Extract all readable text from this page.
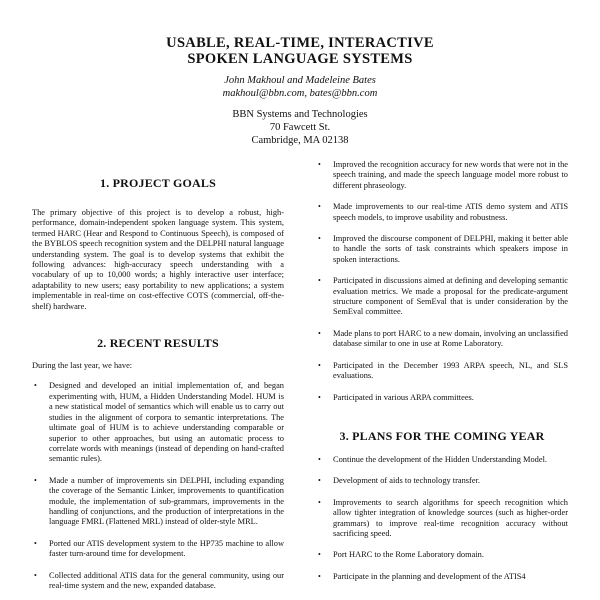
USABLE, REAL-TIME, INTERACTIVE
SPOKEN LANGUAGE SYSTEMS
John Makhoul and Madeleine Bates
makhoul@bbn.com, bates@bbn.com
BBN Systems and Technologies
70 Fawcett St.
Cambridge, MA 02138
1. PROJECT GOALS

The primary objective of this project is to develop a robust, high-performance, domain-independent spoken language system. This system, termed HARC (Hear and Respond to Continuous Speech), is composed of the BYBLOS speech recognition system and the DELPHI natural language understanding system. The goal is to develop systems that exhibit the following advances: high-accuracy speech understanding with a vocabulary of up to 10,000 words; a highly interactive user interface; adaptability to new users; easy portability to new applications; a system implementable in real-time on cost-effective COTS (commercial, off-the-shelf) hardware.

2. RECENT RESULTS

During the last year, we have:

• Designed and developed an initial implementation of, and began experimenting with, HUM, a Hidden Understanding Model. HUM is a new statistical model of semantics which will enable us to carry out studies in the alignment of corpora to semantic interpretations. The ultimate goal of HUM is to achieve understanding comparable or superior to other approaches, but using an automatic process to correlate words with meanings (instead of depending on hand-crafted semantic rules).
• Made a number of improvements sin DELPHI, including expanding the coverage of the Semantic Linker, improvements to quantification module, the implementation of sub-grammars, improvements in the handling of conjunctions, and the production of interpretations in the language FMRL (Flattened MRL) instead of older-style MRL.
• Ported our ATIS development system to the HP735 machine to allow faster turn-around time for development.
• Collected additional ATIS data for the general community, using our real-time system and the new, expanded database.
• Improved the recognition accuracy for new words that were not in the speech training, and made the speech language model more robust to different phraseology.
• Made improvements to our real-time ATIS demo system and ATIS speech models, to improve usability and robustness.
• Improved the discourse component of DELPHI, making it better able to handle the sorts of task constraints which speakers impose in spoken interactions.
• Participated in discussions aimed at defining and developing semantic evaluation metrics. We made a proposal for the predicate-argument structure component of SemEval that is under consideration by the SemEval committee.
• Made plans to port HARC to a new domain, involving an unclassified database similar to one in use at Rome Laboratory.
• Participated in the December 1993 ARPA speech, NL, and SLS evaluations.
• Participated in various ARPA committees.
3. PLANS FOR THE COMING YEAR
• Continue the development of the Hidden Understanding Model.
• Development of aids to technology transfer.
• Improvements to search algorithms for speech recognition which allow tighter integration of knowledge sources (such as higher-order grammars) to improve real-time recognition accuracy without sacrificing speed.
• Port HARC to the Rome Laboratory domain.
• Participate in the planning and development of the ATIS4
